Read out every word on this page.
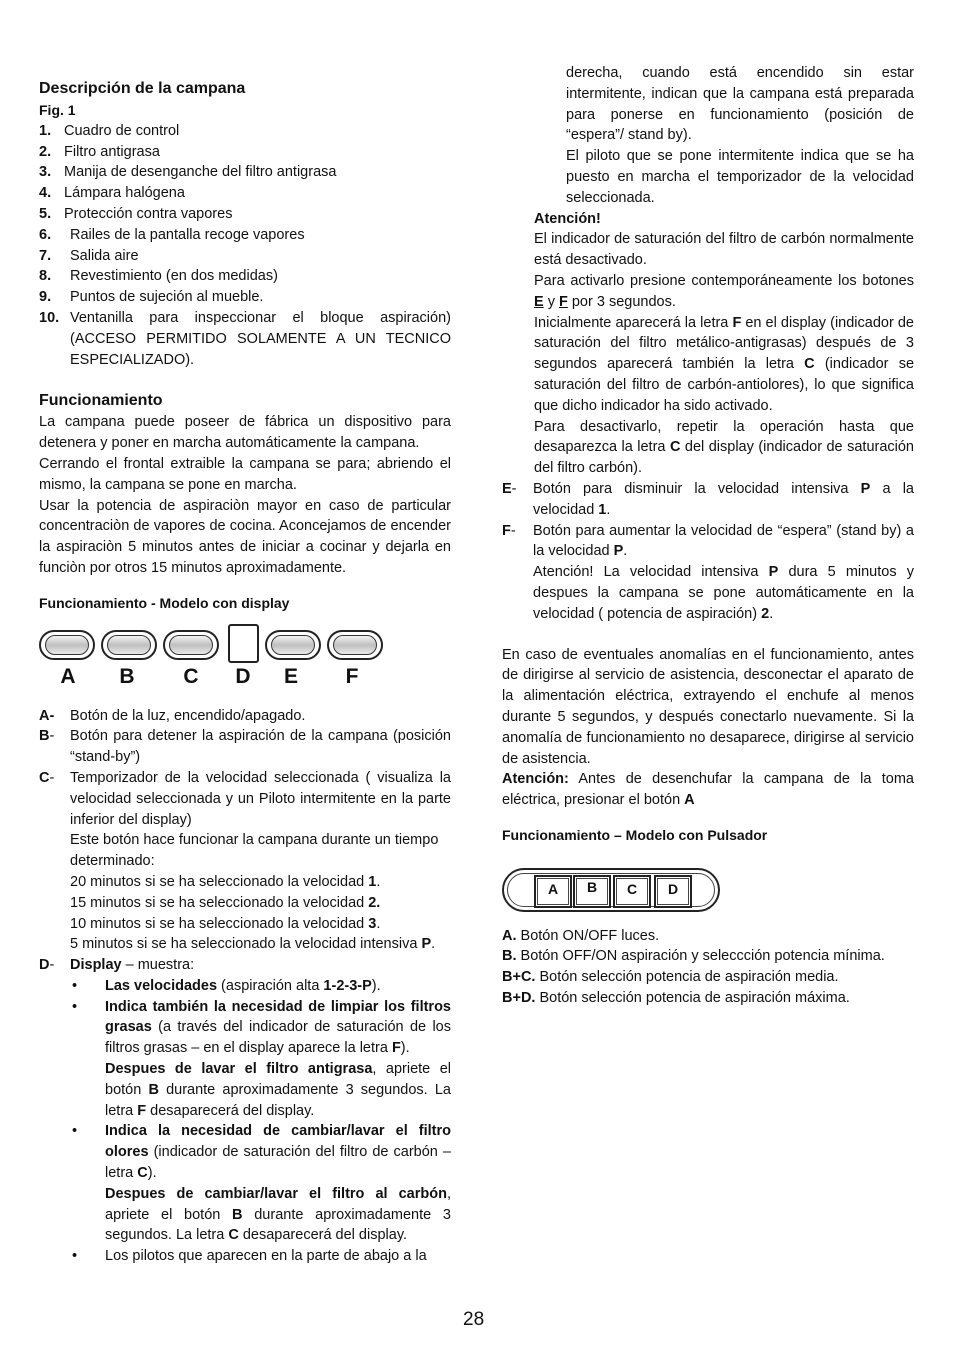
Descripción de la campana
Fig. 1
1. Cuadro de control
2. Filtro antigrasa
3. Manija de desenganche del filtro antigrasa
4. Lámpara halógena
5. Protección contra vapores
6.	Railes de la pantalla recoge vapores
7.	Salida aire
8.	Revestimiento (en dos medidas)
9.	Puntos de sujeción al mueble.
10. Ventanilla para inspeccionar el bloque aspiración) (ACCESO PERMITIDO SOLAMENTE A UN TECNICO ESPECIALIZADO).
Funcionamiento

La campana puede poseer de fábrica un dispositivo para detenera y poner en marcha automáticamente la campana.

Cerrando el frontal extraible la campana se para; abriendo el mismo, la campana se pone en marcha.

Usar la potencia de aspiraciòn mayor en caso de particular concentraciòn de vapores de cocina. Aconcejamos de encender la aspiraciòn 5 minutos antes de iniciar a cocinar y dejarla en funciòn por otros 15 minutos aproximadamente.

Funcionamiento - Modelo con display
A	B	C	D	E	F
A-	Botón de la luz, encendido/apagado.
B-	Botón para detener la aspiración de la campana (posición “stand-by”)
C-	Temporizador de la velocidad seleccionada ( visualiza la velocidad seleccionada y un Piloto intermitente en la parte inferior del display)
Este botón hace funcionar la campana durante un tiempo determinado:
20 minutos si se ha seleccionado la velocidad 1.
15 minutos si se ha seleccionado la velocidad 2.
10 minutos si se ha seleccionado la velocidad 3.
5 minutos si se ha seleccionado la velocidad intensiva P.
D-	Display – muestra:
•	Las velocidades (aspiración alta 1-2-3-P).
•	Indica también la necesidad de limpiar los filtros grasas (a través del indicador de saturación de los filtros grasas – en el display aparece la letra F).

Despues de lavar el filtro antigrasa, apriete el botón B durante aproximadamente 3 segundos. La letra F desaparecerá del display.

•	Indica la necesidad de cambiar/lavar el filtro olores (indicador de saturación del filtro de carbón – letra C).

Despues de cambiar/lavar el filtro al carbón, apriete el botón B durante aproximadamente 3 segundos. La letra C desaparecerá del display.

•	Los pilotos que aparecen en la parte de abajo a la

derecha, cuando está encendido sin estar intermitente, indican que la campana está preparada para ponerse en funcionamiento (posición de “espera”/ stand by).

El piloto que se pone intermitente indica que se ha puesto en marcha el temporizador de la velocidad seleccionada.

Atención!

El indicador de saturación del filtro de carbón normalmente está desactivado.

Para activarlo presione contemporáneamente los botones E y F por 3 segundos.

Inicialmente aparecerá la letra F en el display (indicador de saturación del filtro metálico-antigrasas) después de 3 segundos aparecerá también la letra C (indicador se saturación del filtro de carbón-antiolores), lo que significa que dicho indicador ha sido activado.

Para desactivarlo, repetir la operación hasta que desaparezca la letra C del display (indicador de saturación del filtro carbón).

E-	Botón para disminuir la velocidad intensiva P a la velocidad 1.
F-	Botón para aumentar la velocidad de “espera” (stand by) a la velocidad P.

Atención! La velocidad intensiva P dura 5 minutos y despues la campana se pone automáticamente en la velocidad ( potencia de aspiración) 2.

En caso de eventuales anomalías en el funcionamiento, antes de dirigirse al servicio de asistencia, desconectar el aparato de la alimentación eléctrica, extrayendo el enchufe al menos durante 5 segundos, y después conectarlo nuevamente. Si la anomalía de funcionamiento no desaparece, dirigirse al servicio de asistencia.

Atención: Antes de desenchufar la campana de la toma eléctrica, presionar el botón A

Funcionamiento – Modelo con Pulsador
A	B	C	D
A. Botón ON/OFF luces.
B. Botón OFF/ON aspiración y seleccción potencia mínima.
B+C. Botón selección potencia de aspiración media.
B+D. Botón selección potencia de aspiración máxima.
28
